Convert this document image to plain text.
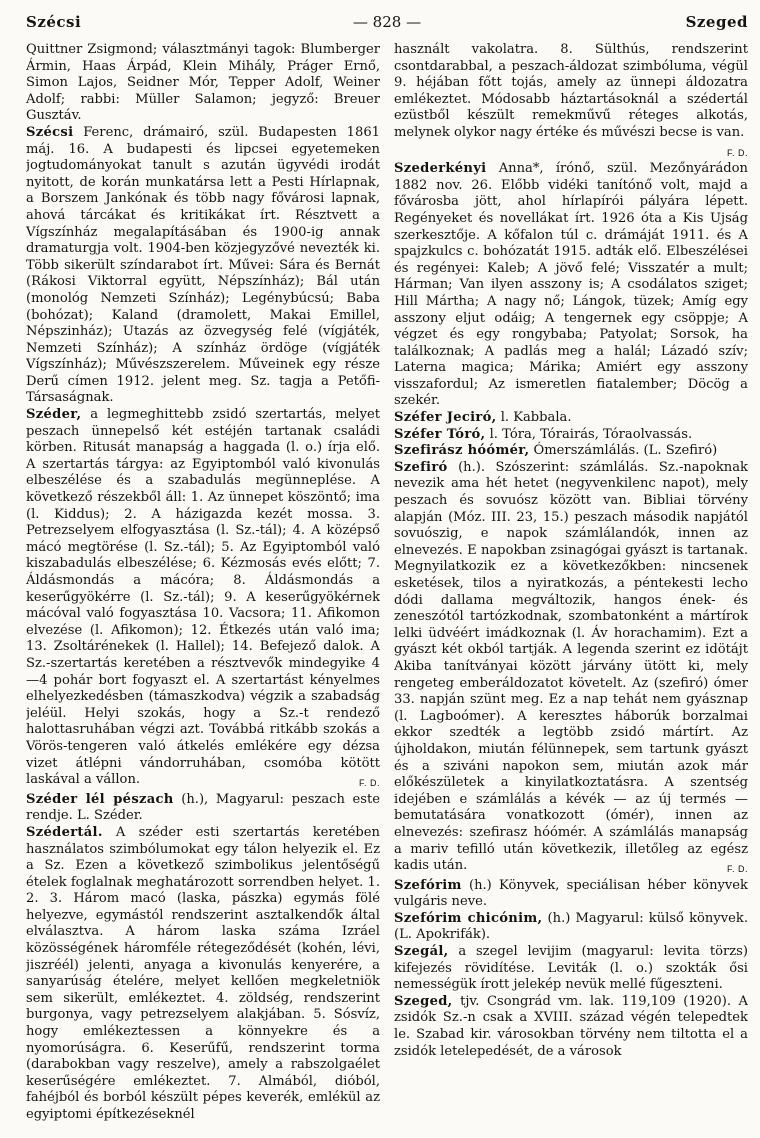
Szécsi	— 828 —	Szeged

Quittner Zsigmond; választmányi tagok: Blumberger Ármin, Haas Árpád, Klein Mihály, Práger Ernő, Simon Lajos, Seidner Mór, Tepper Adolf, Weiner Adolf; rabbi: Müller Salamon; jegyző: Breuer Gusztáv.

Szécsi Ferenc, drámairó, szül. Budapesten 1861 máj. 16. A budapesti és lipcsei egyetemeken jogtudományokat tanult s azután ügyvédi irodát nyitott, de korán munkatársa lett a Pesti Hírlapnak, a Borszem Jankónak és több nagy fővárosi lapnak, ahová tárcákat és kritikákat írt. Résztvett a Vígszínház megalapításában és 1900-ig annak dramaturgja volt. 1904-ben közjegyzővé nevezték ki. Több sikerült színdarabot írt. Művei: Sára és Bernát (Rákosi Viktorral együtt, Népszínház); Bál után (monológ Nemzeti Színház); Legénybúcsú; Baba (bohózat); Kaland (dramolett, Makai Emillel, Népszinház); Utazás az özvegység felé (vígjáték, Nemzeti Színház); A színház ördöge (vígjáték Vígszínház); Művészszerelem. Műveinek egy része Derű címen 1912. jelent meg. Sz. tagja a Petőfi-Társaságnak.

Széder, a legmeghittebb zsidó szertartás, melyet peszach ünnepelső két estéjén tartanak családi körben. Ritusát manapság a haggada (l. o.) írja elő. A szertartás tárgya: az Egyiptomból való kivonulás elbeszélése és a szabadulás megünneplése. A következő részekből áll: 1. Az ünnepet köszöntő; ima (l. Kiddus); 2. A házigazda kezét mossa. 3. Petrezselyem elfogyasztása (l. Sz.-tál); 4. A középső mácó megtörése (l. Sz.-tál); 5. Az Egyiptomból való kiszabadulás elbeszélése; 6. Kézmosás evés előtt; 7. Áldásmondás a mácóra; 8. Áldásmondás a keserűgyökérre (l. Sz.-tál); 9. A keserűgyökérnek mácóval való fogyasztása 10. Vacsora; 11. Afikomon elvezése (l. Afikomon); 12. Étkezés után való ima; 13. Zsoltárénekek (l. Hallel); 14. Befejező dalok. A Sz.-szertartás keretében a résztvevők mindegyike 4—4 pohár bort fogyaszt el. A szertartást kényelmes elhelyezkedésben (támaszkodva) végzik a szabadság jeléül. Helyi szokás, hogy a Sz.-t rendező halottasruhában végzi azt. Továbbá ritkább szokás a Vörös-tengeren való átkelés emlékére egy dézsa vizet átlépni vándorruhában, csomóba kötött laskával a vállon.	F. D.

Széder lél pészach (h.), Magyarul: peszach este rendje. L. Széder.

Szédertál. A széder esti szertartás keretében használatos szimbólumokat egy tálon helyezik el. Ez a Sz. Ezen a következő szimbolikus jelentőségű ételek foglalnak meghatározott sorrendben helyet. 1. 2. 3. Három macó (laska, pászka) egymás fölé helyezve, egymástól rendszerint asztalkendők által elválasztva. A három laska száma Izráel közösségének háromféle rétegeződését (kohén, lévi, jiszréél) jelenti, anyaga a kivonulás kenyerére, a sanyarúság ételére, melyet kellően megkeletniök sem sikerült, emlékeztet. 4. zöldség, rendszerint burgonya, vagy petrezselyem alakjában. 5. Sósvíz, hogy emlékeztessen a könnyekre és a nyomorúságra. 6. Keserűfű, rendszerint torma (darabokban vagy reszelve), amely a rabszolgaélet keserűségére emlékeztet. 7. Almából, dióból, fahéjból és borból készült pépes keverék, emlékül az egyiptomi építkezéseknél

használt vakolatra. 8. Sülthús, rendszerint csontdarabbal, a peszach-áldozat szimbóluma, végül 9. héjában főtt tojás, amely az ünnepi áldozatra emlékeztet. Módosabb háztartásoknál a szédertál ezüstből készült remekművű réteges alkotás, melynek olykor nagy értéke és művészi becse is van.
F. D.

Szederkényi Anna*, írónő, szül. Mezőnyárádon 1882 nov. 26. Előbb vidéki tanítónő volt, majd a fővárosba jött, ahol hírlapírói pályára lépett. Regényeket és novellákat írt. 1926 óta a Kis Ujság szerkesztője. A kőfalon túl c. drámáját 1911. és A spajzkulcs c. bohózatát 1915. adták elő. Elbeszélései és regényei: Kaleb; A jövő felé; Visszatér a mult; Hárman; Van ilyen asszony is; A csodálatos sziget; Hill Mártha; A nagy nő; Lángok, tüzek; Amíg egy asszony eljut odáig; A tengernek egy csöppje; A végzet és egy rongybaba; Patyolat; Sorsok, ha találkoznak; A padlás meg a halál; Lázadó szív; Laterna magica; Márika; Amiért egy asszony visszafordul; Az ismeretlen fiatalember; Döcög a szekér.

Széfer Jeciró, l. Kabbala.

Széfer Tóró, l. Tóra, Tórairás, Tóraolvassás.

Szefirász hóómér, Ómerszámlálás. (L. Szefiró)

Szefiró (h.). Szószerint: számlálás. Sz.-napoknak nevezik ama hét hetet (negyvenkilenc napot), mely peszach és sovuósz között van. Bibliai törvény alapján (Móz. III. 23, 15.) peszach második napjától sovuószig, e napok számlálandók, innen az elnevezés. E napokban zsinagógai gyászt is tartanak. Megnyilatkozik ez a következőkben: nincsenek esketések, tilos a nyiratkozás, a péntekesti lecho dódi dallama megváltozik, hangos ének- és zeneszótól tartózkodnak, szombatonként a mártírok lelki üdvéért imádkoznak (l. Áv horachamim). Ezt a gyászt két okból tartják. A legenda szerint ez idötájt Akiba tanítványai között járvány ütött ki, mely rengeteg emberáldozatot követelt. Az (szefiró) ómer 33. napján szünt meg. Ez a nap tehát nem gyásznap (l. Lagboómer). A keresztes háborúk borzalmai ekkor szedték a legtöbb zsidó mártírt. Az újholdakon, miután félünnepek, sem tartunk gyászt és a sziváni napokon sem, miután azok már előkészületek a kinyilatkoztatásra. A szentség idejében e számlálás a kévék — az új termés — bemutatására vonatkozott (ómér), innen az elnevezés: szefirasz hóómér. A számlálás manapság a mariv tefilló után következik, illetőleg az egész kadis után.	F. D.

Szefórim (h.) Könyvek, speciálisan héber könyvek vulgáris neve.

Szefórim chicónim, (h.) Magyarul: külső könyvek. (L. Apokrifák).

Szegál, a szegel levijim (magyarul: levita törzs) kifejezés rövidítése. Leviták (l. o.) szokták ősi nemességük írott jelekép nevük mellé fűgeszteni.

Szeged, tjv. Csongrád vm. lak. 119,109 (1920). A zsidók Sz.-n csak a XVIII. század végén telepedtek le. Szabad kir. városokban törvény nem tiltotta el a zsidók letelepedését, de a városok
